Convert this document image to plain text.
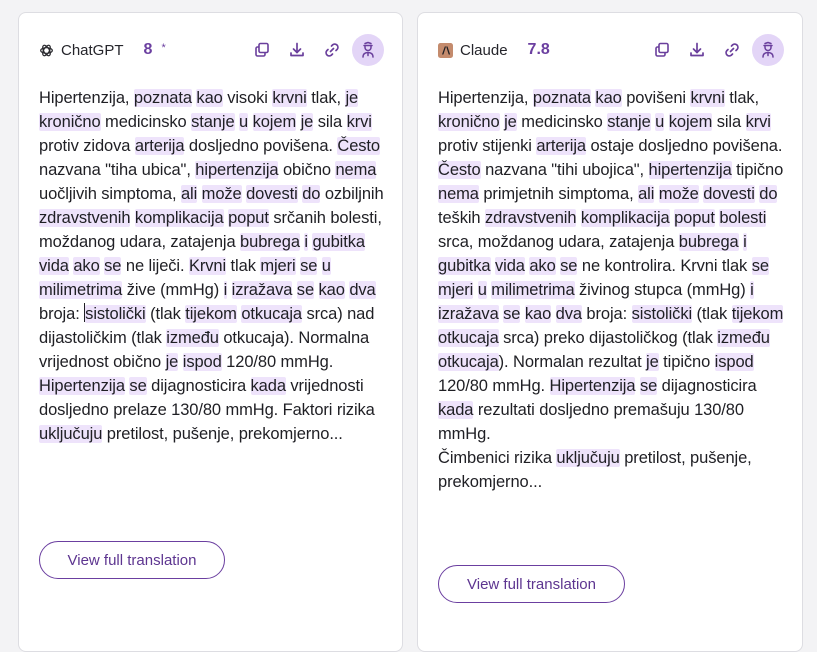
ChatGPT 8 *
Hipertenzija, poznata kao visoki krvni tlak, je kronično medicinsko stanje u kojem je sila krvi protiv zidova arterija dosljedno povišena. Često nazvana "tiha ubica", hipertenzija obično nema uočljivih simptoma, ali može dovesti do ozbiljnih zdravstvenih komplikacija poput srčanih bolesti, moždanog udara, zatajenja bubrega i gubitka vida ako se ne liječi. Krvni tlak mjeri se u milimetrima žive (mmHg) i izražava se kao dva broja: sistolički (tlak tijekom otkucaja srca) nad dijastoličkim (tlak između otkucaja). Normalna vrijednost obično je ispod 120/80 mmHg. Hipertenzija se dijagnosticira kada vrijednosti dosljedno prelaze 130/80 mmHg. Faktori rizika uključuju pretilost, pušenje, prekomjerno...
View full translation
Claude 7.8
Hipertenzija, poznata kao povišeni krvni tlak, kronično je medicinsko stanje u kojem sila krvi protiv stijenki arterija ostaje dosljedno povišena. Često nazvana "tihi ubojica", hipertenzija tipično nema primjetnih simptoma, ali može dovesti do teških zdravstvenih komplikacija poput bolesti srca, moždanog udara, zatajenja bubrega i gubitka vida ako se ne kontrolira. Krvni tlak se mjeri u milimetrima živinog stupca (mmHg) i izražava se kao dva broja: sistolički (tlak tijekom otkucaja srca) preko dijastoličkog (tlak između otkucaja). Normalan rezultat je tipično ispod 120/80 mmHg. Hipertenzija se dijagnosticira kada rezultati dosljedno premašuju 130/80 mmHg.
Čimbenici rizika uključuju pretilost, pušenje, prekomjerno...
View full translation
